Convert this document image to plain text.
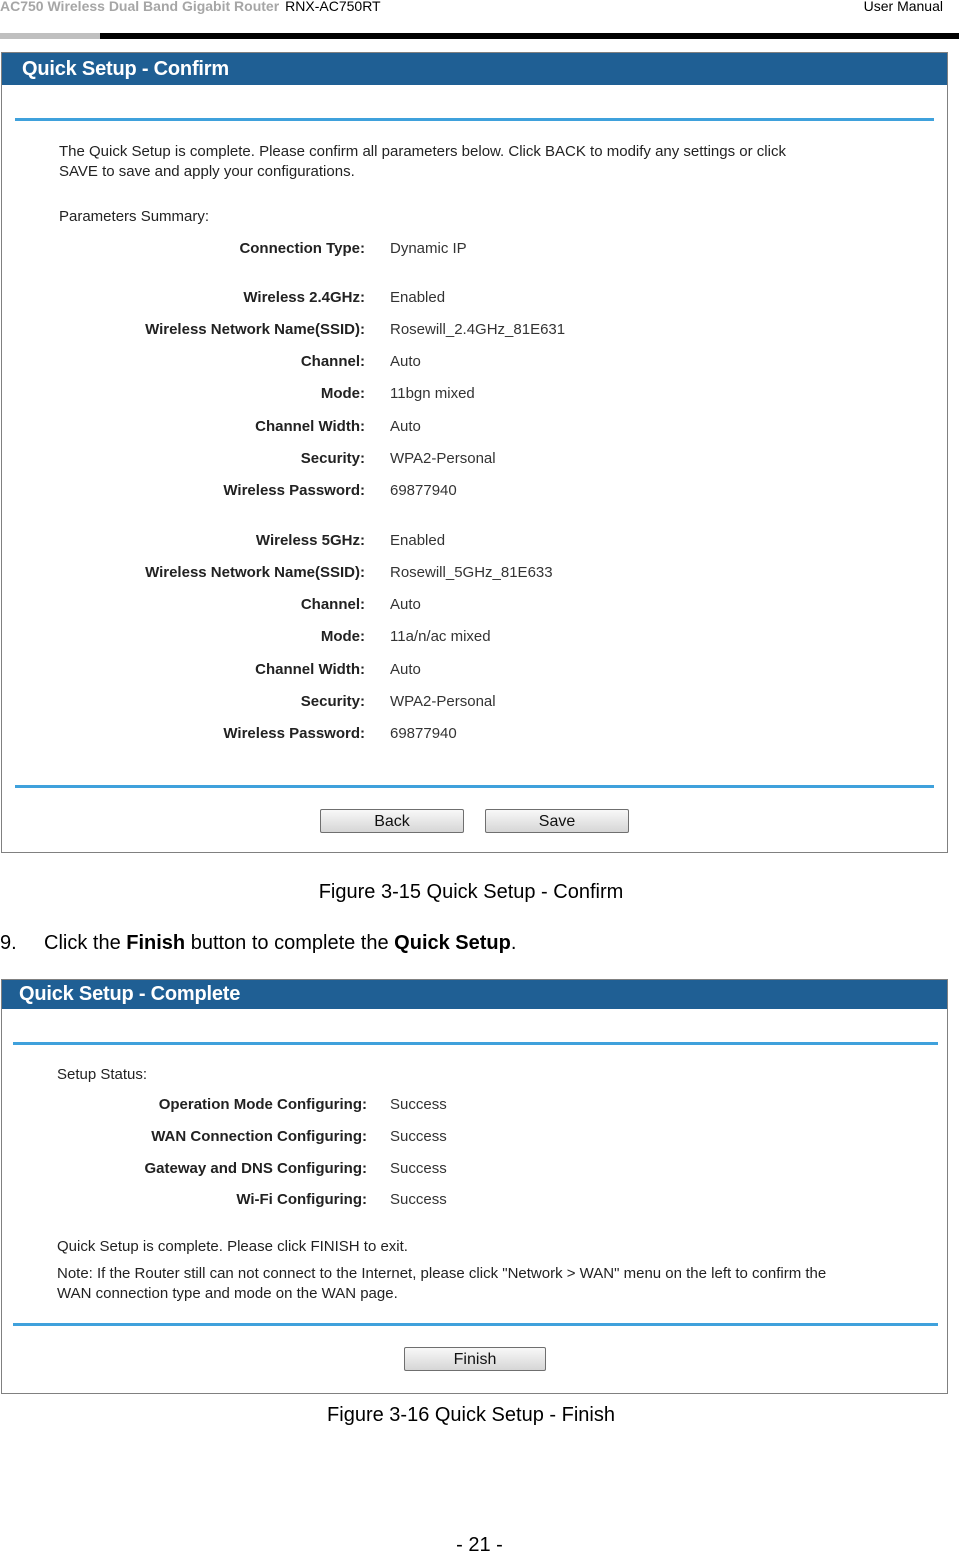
AC750 Wireless Dual Band Gigabit Router RNX-AC750RT	User Manual
Quick Setup - Confirm
The Quick Setup is complete. Please confirm all parameters below. Click BACK to modify any settings or click
SAVE to save and apply your configurations.
Parameters Summary:
Connection Type: Dynamic IP
Wireless 2.4GHz: Enabled
Wireless Network Name(SSID): Rosewill_2.4GHz_81E631
Channel: Auto
Mode: 11bgn mixed
Channel Width: Auto
Security: WPA2-Personal
Wireless Password: 69877940
Wireless 5GHz: Enabled
Wireless Network Name(SSID): Rosewill_5GHz_81E633
Channel: Auto
Mode: 11a/n/ac mixed
Channel Width: Auto
Security: WPA2-Personal
Wireless Password: 69877940
Back	Save
Figure 3-15 Quick Setup - Confirm
9. Click the Finish button to complete the Quick Setup.
Quick Setup - Complete
Setup Status:
Operation Mode Configuring: Success
WAN Connection Configuring: Success
Gateway and DNS Configuring: Success
Wi-Fi Configuring: Success
Quick Setup is complete. Please click FINISH to exit.
Note: If the Router still can not connect to the Internet, please click "Network > WAN" menu on the left to confirm the
WAN connection type and mode on the WAN page.
Finish
Figure 3-16 Quick Setup - Finish
- 21 -
